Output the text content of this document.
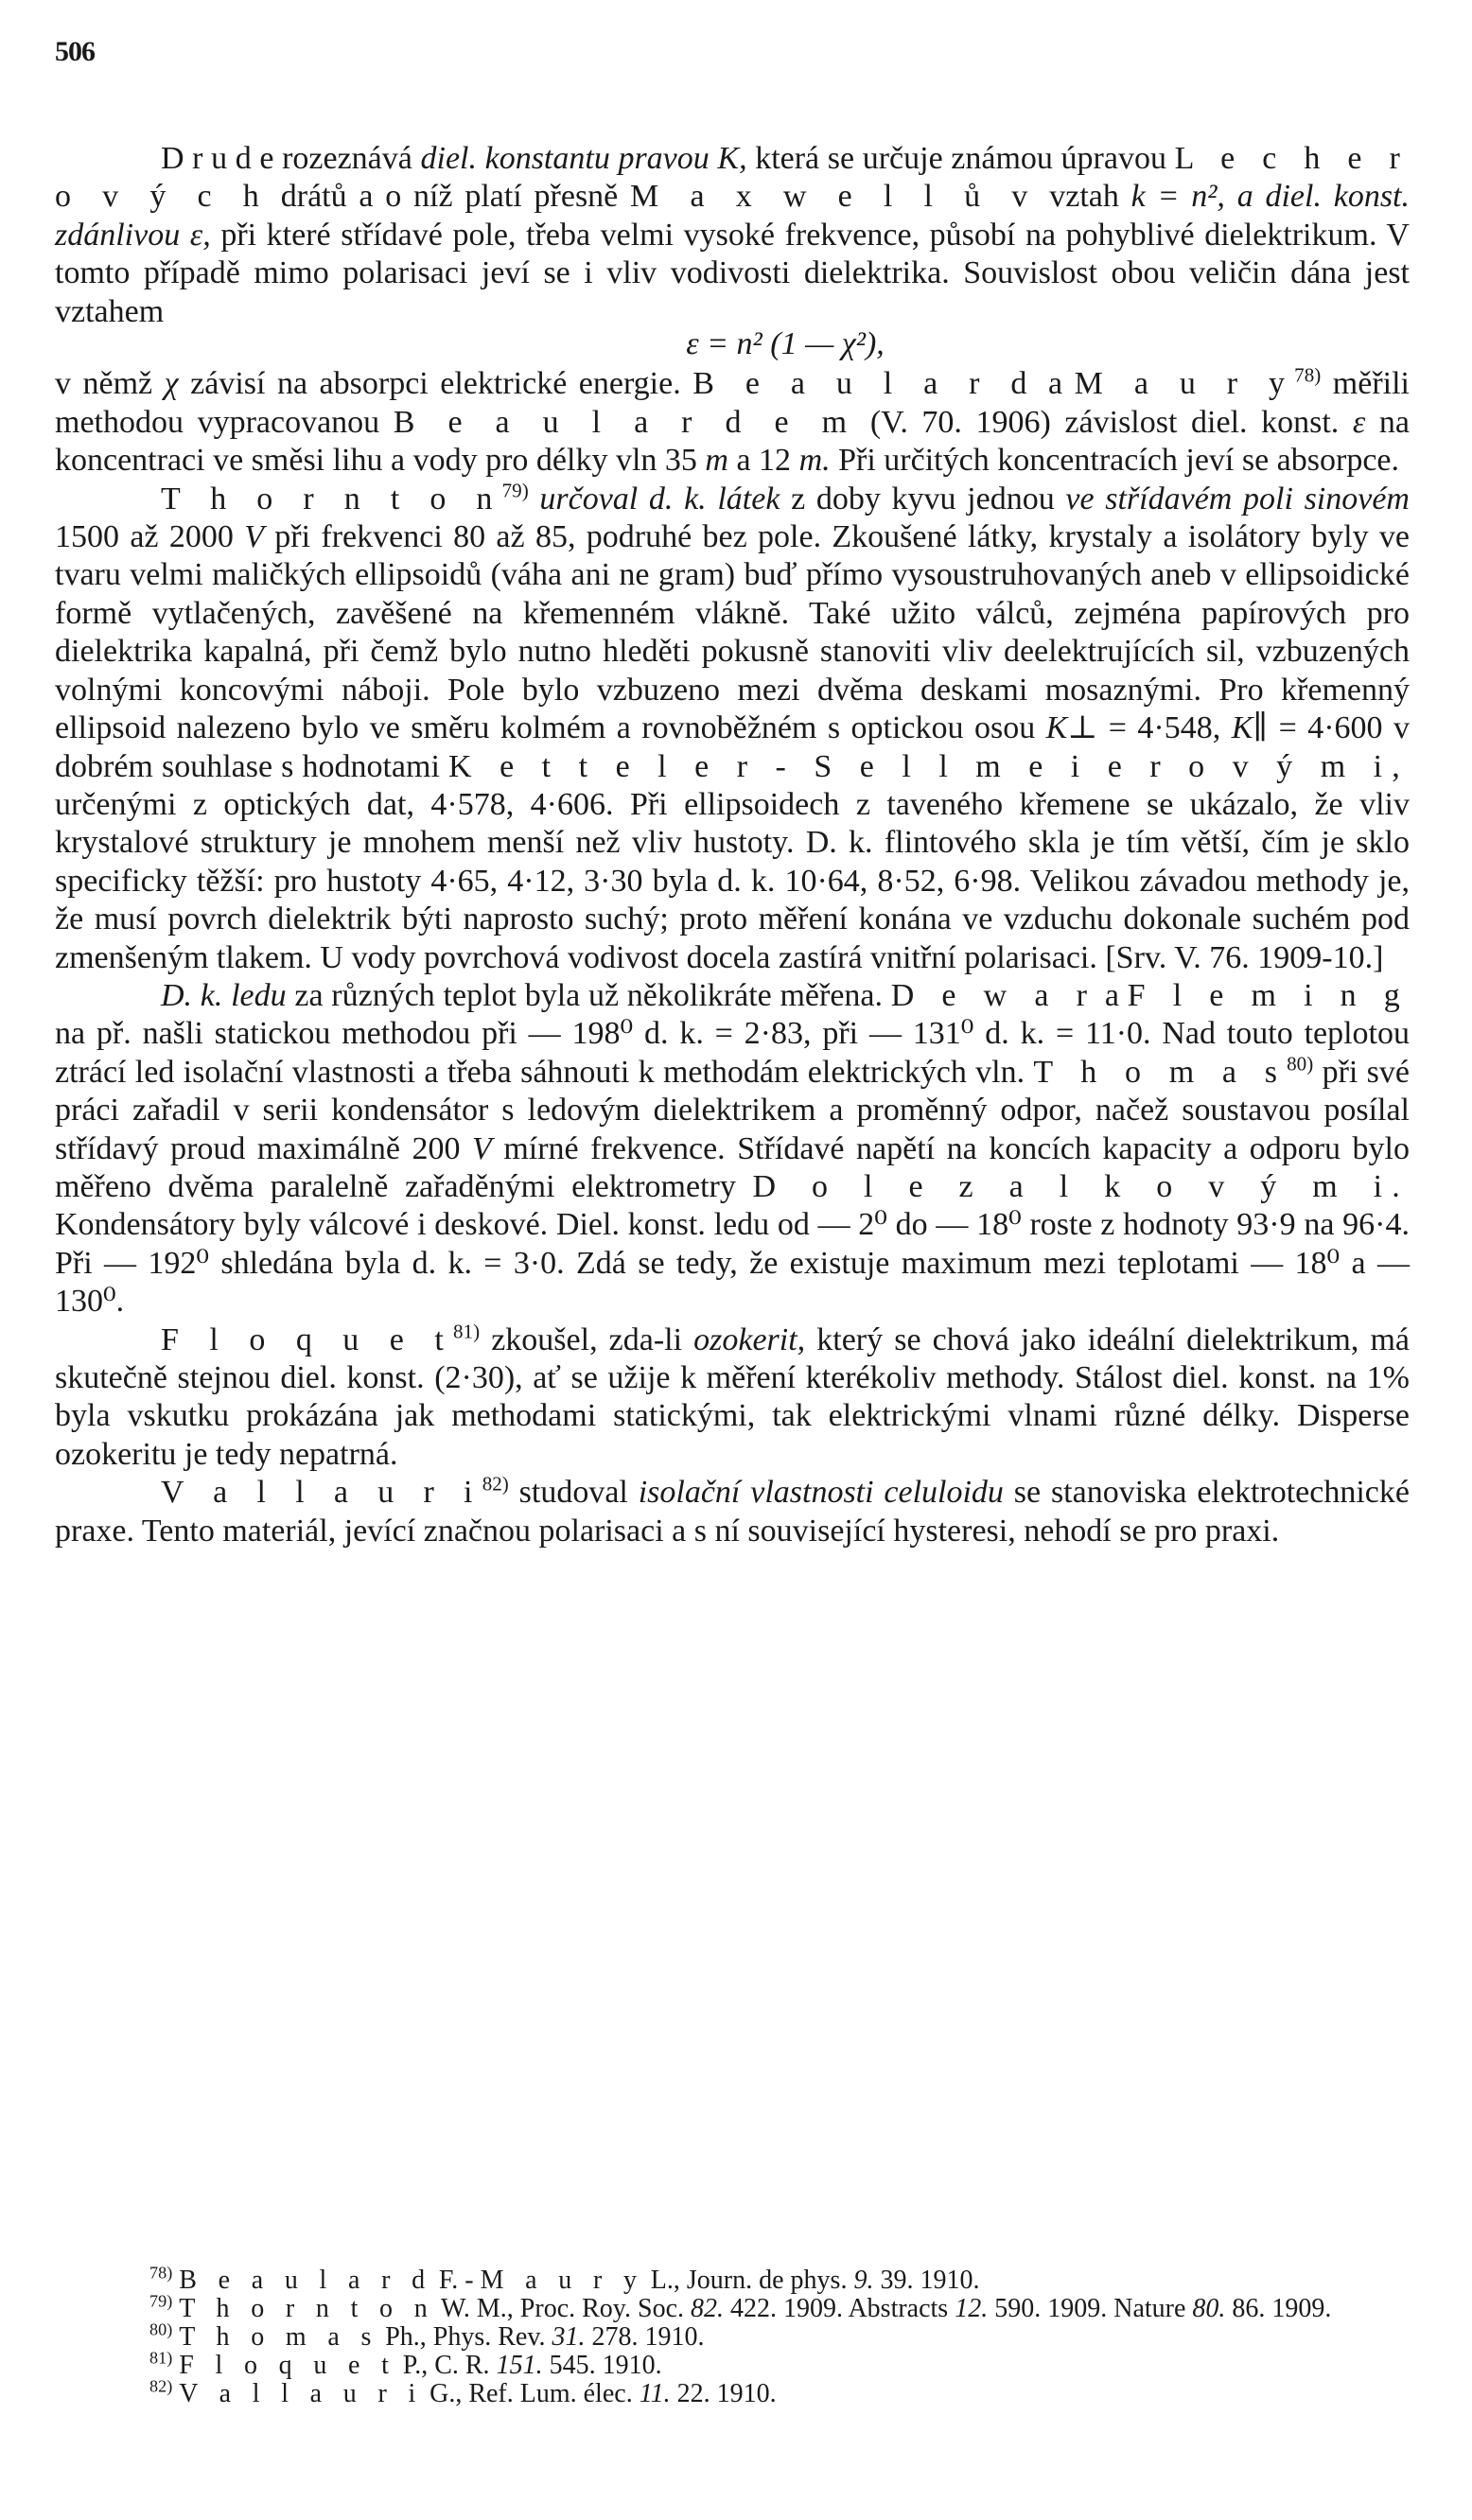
506

D r u d e rozeznává diel. konstantu pravou K, která se určuje známou úpravou L e c h e r o v ý c h drátů a o níž platí přesně M a x w e l l ů v vztah k = n², a diel. konst. zdánlivou ε, při které střídavé pole, třeba velmi vysoké frekvence, působí na pohyblivé dielektrikum. V tomto případě mimo polarisaci jeví se i vliv vodivosti dielektrika. Souvislost obou veličin dána jest vztahem
ε = n² (1 — χ²),
v němž χ závisí na absorpci elektrické energie. B e a u l a r d a M a u r y$^{78)}$ měřili methodou vypracovanou B e a u l a r d e m (V. 70. 1906) závislost diel. konst. ε na koncentraci ve směsi lihu a vody pro délky vln 35 m a 12 m. Při určitých koncentracích jeví se absorpce.

T h o r n t o n$^{79)}$ určoval d. k. látek z doby kyvu jednou ve střídavém poli sinovém 1500 až 2000 V při frekvenci 80 až 85, podruhé bez pole. Zkoušené látky, krystaly a isolátory byly ve tvaru velmi maličkých ellipsoidů (váha ani ne gram) buď přímo vysoustruhovaných aneb v ellipsoidické formě vytlačených, zavěšené na křemenném vlákně. Také užito válců, zejména papírových pro dielektrika kapalná, při čemž bylo nutno hleděti pokusně stanoviti vliv deelektrujících sil, vzbuzených volnými koncovými náboji. Pole bylo vzbuzeno mezi dvěma deskami mosaznými. Pro křemenný ellipsoid nalezeno bylo ve směru kolmém a rovnoběžném s optickou osou K⊥ = 4·548, K∥ = 4·600 v dobrém souhlase s hodnotami K e t t e l e r - S e l l m e i e r o v ý m i, určenými z optických dat, 4·578, 4·606. Při ellipsoidech z taveného křemene se ukázalo, že vliv krystalové struktury je mnohem menší než vliv hustoty. D. k. flintového skla je tím větší, čím je sklo specificky těžší: pro hustoty 4·65, 4·12, 3·30 byla d. k. 10·64, 8·52, 6·98. Velikou závadou methody je, že musí povrch dielektrik býti naprosto suchý; proto měření konána ve vzduchu dokonale suchém pod zmenšeným tlakem. U vody povrchová vodivost docela zastírá vnitřní polarisaci. [Srv. V. 76. 1909-10.]

D. k. ledu za různých teplot byla už několikráte měřena. D e w a r a F l e m i n g na př. našli statickou methodou při — 198⁰ d. k. = 2·83, při — 131⁰ d. k. = 11·0. Nad touto teplotou ztrácí led isolační vlastnosti a třeba sáhnouti k methodám elektrických vln. T h o m a s$^{80)}$ při své práci zařadil v serii kondensátor s ledovým dielektrikem a proměnný odpor, načež soustavou posílal střídavý proud maximálně 200 V mírné frekvence. Střídavé napětí na koncích kapacity a odporu bylo měřeno dvěma paralelně zařaděnými elektrometry D o l e z a l k o v ý m i. Kondensátory byly válcové i deskové. Diel. konst. ledu od — 2⁰ do — 18⁰ roste z hodnoty 93·9 na 96·4. Při — 192⁰ shledána byla d. k. = 3·0. Zdá se tedy, že existuje maximum mezi teplotami — 18⁰ a — 130⁰.

F l o q u e t$^{81)}$ zkoušel, zda-li ozokerit, který se chová jako ideální dielektrikum, má skutečně stejnou diel. konst. (2·30), ať se užije k měření kterékoliv methody. Stálost diel. konst. na 1% byla vskutku prokázána jak methodami statickými, tak elektrickými vlnami různé délky. Disperse ozokeritu je tedy nepatrná.

V a l l a u r i$^{82)}$ studoval isolační vlastnosti celuloidu se stanoviska elektrotechnické praxe. Tento materiál, jevící značnou polarisaci a s ní související hysteresi, nehodí se pro praxi.

$^{78)}$ B e a u l a r d F. - M a u r y L., Journ. de phys. 9. 39. 1910.

$^{79)}$ T h o r n t o n W. M., Proc. Roy. Soc. 82. 422. 1909. Abstracts 12. 590. 1909. Nature 80. 86. 1909.

$^{80)}$ T h o m a s Ph., Phys. Rev. 31. 278. 1910.

$^{81)}$ F l o q u e t P., C. R. 151. 545. 1910.

$^{82)}$ V a l l a u r i G., Ref. Lum. élec. 11. 22. 1910.
